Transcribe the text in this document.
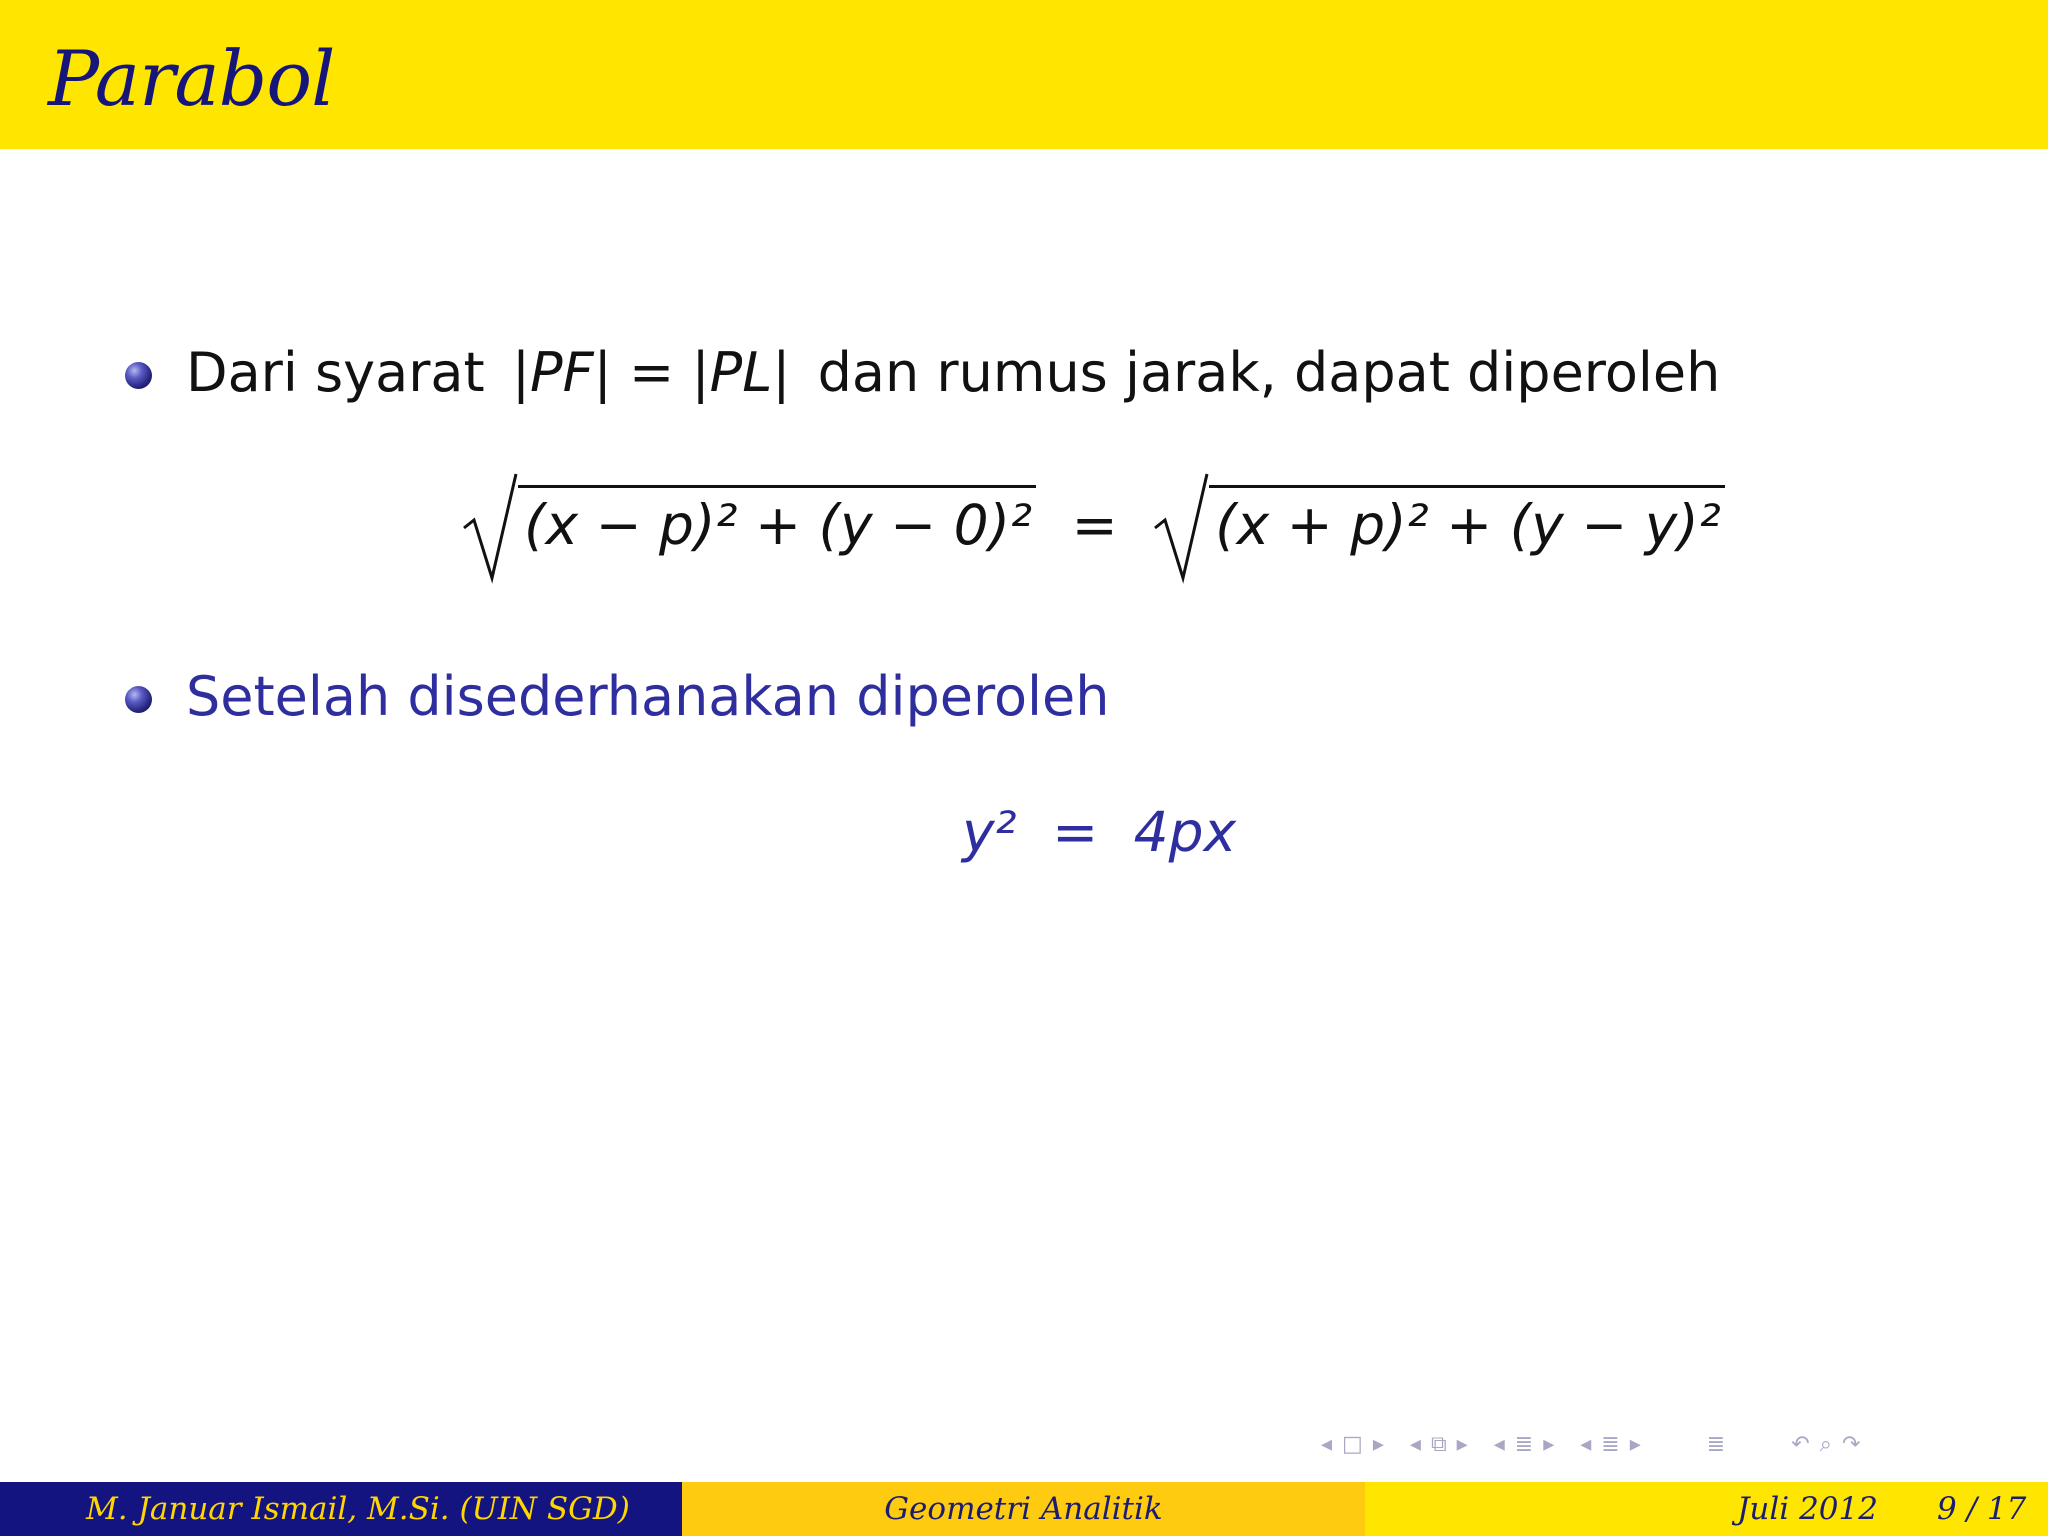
Parabol
Dari syarat |PF| = |PL| dan rumus jarak, dapat diperoleh
(x − p)² + (y − 0)² = (x + p)² + (y − y)²
Setelah disederhanakan diperoleh
y² = 4px
◂ □ ▸ ◂ ⧉ ▸ ◂ ≣ ▸ ◂ ≣ ▸	≣	↶ ⌕ ↷
M. Januar Ismail, M.Si. (UIN SGD)	Geometri Analitik	Juli 2012 9 / 17
